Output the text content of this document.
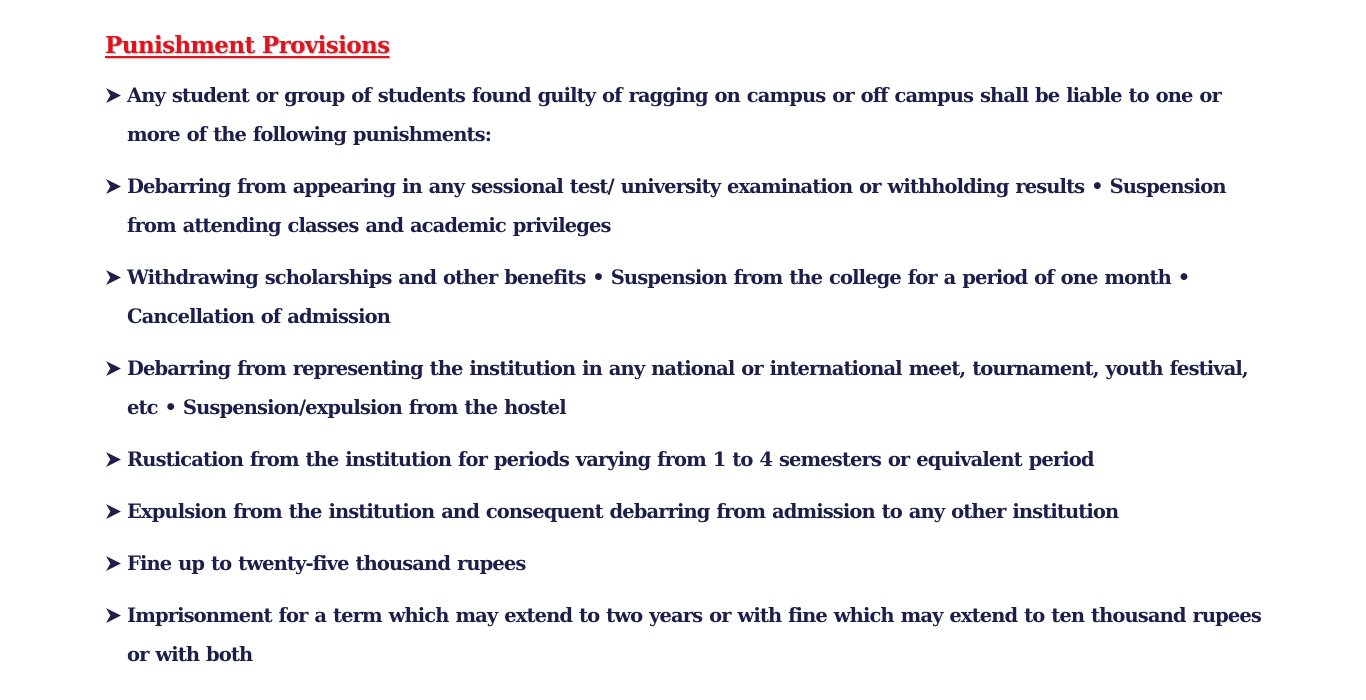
Punishment Provisions
Any student or group of students found guilty of ragging on campus or off campus shall be liable to one or more of the following punishments:
Debarring from appearing in any sessional test/ university examination or withholding results • Suspension from attending classes and academic privileges
Withdrawing scholarships and other benefits • Suspension from the college for a period of one month • Cancellation of admission
Debarring from representing the institution in any national or international meet, tournament, youth festival, etc • Suspension/expulsion from the hostel
Rustication from the institution for periods varying from 1 to 4 semesters or equivalent period
Expulsion from the institution and consequent debarring from admission to any other institution
Fine up to twenty-five thousand rupees
Imprisonment for a term which may extend to two years or with fine which may extend to ten thousand rupees or with both
